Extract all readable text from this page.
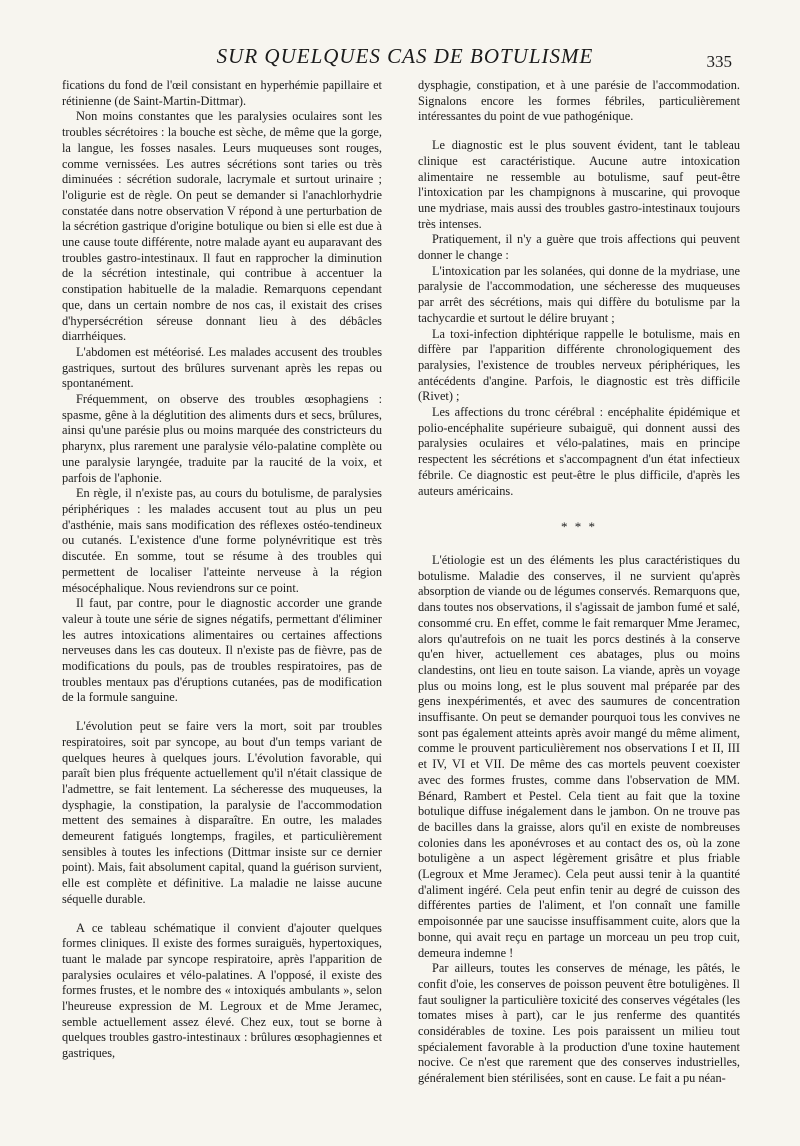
SUR QUELQUES CAS DE BOTULISME	335

fications du fond de l'œil consistant en hyperhémie papillaire et rétinienne (de Saint-Martin-Dittmar).

Non moins constantes que les paralysies oculaires sont les troubles sécrétoires : la bouche est sèche, de même que la gorge, la langue, les fosses nasales. Leurs muqueuses sont rouges, comme vernissées. Les autres sécrétions sont taries ou très diminuées : sécrétion sudorale, lacrymale et surtout urinaire ; l'oligurie est de règle. On peut se demander si l'anachlorhydrie constatée dans notre observation V répond à une perturbation de la sécrétion gastrique d'origine botulique ou bien si elle est due à une cause toute différente, notre malade ayant eu auparavant des troubles gastro-intestinaux. Il faut en rapprocher la diminution de la sécrétion intestinale, qui contribue à accentuer la constipation habituelle de la maladie. Remarquons cependant que, dans un certain nombre de nos cas, il existait des crises d'hypersécrétion séreuse donnant lieu à des débâcles diarrhéiques.

L'abdomen est météorisé. Les malades accusent des troubles gastriques, surtout des brûlures survenant après les repas ou spontanément.

Fréquemment, on observe des troubles œsophagiens : spasme, gêne à la déglutition des aliments durs et secs, brûlures, ainsi qu'une parésie plus ou moins marquée des constricteurs du pharynx, plus rarement une paralysie vélo-palatine complète ou une paralysie laryngée, traduite par la raucité de la voix, et parfois de l'aphonie.

En règle, il n'existe pas, au cours du botulisme, de paralysies périphériques : les malades accusent tout au plus un peu d'asthénie, mais sans modification des réflexes ostéo-tendineux ou cutanés. L'existence d'une forme polynévritique est très discutée. En somme, tout se résume à des troubles qui permettent de localiser l'atteinte nerveuse à la région mésocéphalique. Nous reviendrons sur ce point.

Il faut, par contre, pour le diagnostic accorder une grande valeur à toute une série de signes négatifs, permettant d'éliminer les autres intoxications alimentaires ou certaines affections nerveuses dans les cas douteux. Il n'existe pas de fièvre, pas de modifications du pouls, pas de troubles respiratoires, pas de troubles mentaux pas d'éruptions cutanées, pas de modification de la formule sanguine.

L'évolution peut se faire vers la mort, soit par troubles respiratoires, soit par syncope, au bout d'un temps variant de quelques heures à quelques jours. L'évolution favorable, qui paraît bien plus fréquente actuellement qu'il n'était classique de l'admettre, se fait lentement. La sécheresse des muqueuses, la dysphagie, la constipation, la paralysie de l'accommodation mettent des semaines à disparaître. En outre, les malades demeurent fatigués longtemps, fragiles, et particulièrement sensibles à toutes les infections (Dittmar insiste sur ce dernier point). Mais, fait absolument capital, quand la guérison survient, elle est complète et définitive. La maladie ne laisse aucune séquelle durable.

A ce tableau schématique il convient d'ajouter quelques formes cliniques. Il existe des formes suraiguës, hypertoxiques, tuant le malade par syncope respiratoire, après l'apparition de paralysies oculaires et vélo-palatines. A l'opposé, il existe des formes frustes, et le nombre des « intoxiqués ambulants », selon l'heureuse expression de M. Legroux et de Mme Jeramec, semble actuellement assez élevé. Chez eux, tout se borne à quelques troubles gastro-intestinaux : brûlures œsophagiennes et gastriques,

dysphagie, constipation, et à une parésie de l'accommodation. Signalons encore les formes fébriles, particulièrement intéressantes du point de vue pathogénique.

Le diagnostic est le plus souvent évident, tant le tableau clinique est caractéristique. Aucune autre intoxication alimentaire ne ressemble au botulisme, sauf peut-être l'intoxication par les champignons à muscarine, qui provoque une mydriase, mais aussi des troubles gastro-intestinaux toujours très intenses.

Pratiquement, il n'y a guère que trois affections qui peuvent donner le change :

L'intoxication par les solanées, qui donne de la mydriase, une paralysie de l'accommodation, une sécheresse des muqueuses par arrêt des sécrétions, mais qui diffère du botulisme par la tachycardie et surtout le délire bruyant ;

La toxi-infection diphtérique rappelle le botulisme, mais en diffère par l'apparition différente chronologiquement des paralysies, l'existence de troubles nerveux périphériques, les antécédents d'angine. Parfois, le diagnostic est très difficile (Rivet) ;

Les affections du tronc cérébral : encéphalite épidémique et polio-encéphalite supérieure subaiguë, qui donnent aussi des paralysies oculaires et vélo-palatines, mais en principe respectent les sécrétions et s'accompagnent d'un état infectieux fébrile. Ce diagnostic est peut-être le plus difficile, d'après les auteurs américains.

* * *

L'étiologie est un des éléments les plus caractéristiques du botulisme. Maladie des conserves, il ne survient qu'après absorption de viande ou de légumes conservés. Remarquons que, dans toutes nos observations, il s'agissait de jambon fumé et salé, consommé cru. En effet, comme le fait remarquer Mme Jeramec, alors qu'autrefois on ne tuait les porcs destinés à la conserve qu'en hiver, actuellement ces abatages, plus ou moins clandestins, ont lieu en toute saison. La viande, après un voyage plus ou moins long, est le plus souvent mal préparée par des gens inexpérimentés, et avec des saumures de concentration insuffisante. On peut se demander pourquoi tous les convives ne sont pas également atteints après avoir mangé du même aliment, comme le prouvent particulièrement nos observations I et II, III et IV, VI et VII. De même des cas mortels peuvent coexister avec des formes frustes, comme dans l'observation de MM. Bénard, Rambert et Pestel. Cela tient au fait que la toxine botulique diffuse inégalement dans le jambon. On ne trouve pas de bacilles dans la graisse, alors qu'il en existe de nombreuses colonies dans les aponévroses et au contact des os, où la zone botuligène a un aspect légèrement grisâtre et plus friable (Legroux et Mme Jeramec). Cela peut aussi tenir à la quantité d'aliment ingéré. Cela peut enfin tenir au degré de cuisson des différentes parties de l'aliment, et l'on connaît une famille empoisonnée par une saucisse insuffisamment cuite, alors que la bonne, qui avait reçu en partage un morceau un peu trop cuit, demeura indemne !

Par ailleurs, toutes les conserves de ménage, les pâtés, le confit d'oie, les conserves de poisson peuvent être botuligènes. Il faut souligner la particulière toxicité des conserves végétales (les tomates mises à part), car le jus renferme des quantités considérables de toxine. Les pois paraissent un milieu tout spécialement favorable à la production d'une toxine hautement nocive. Ce n'est que rarement que des conserves industrielles, généralement bien stérilisées, sont en cause. Le fait a pu néan-
